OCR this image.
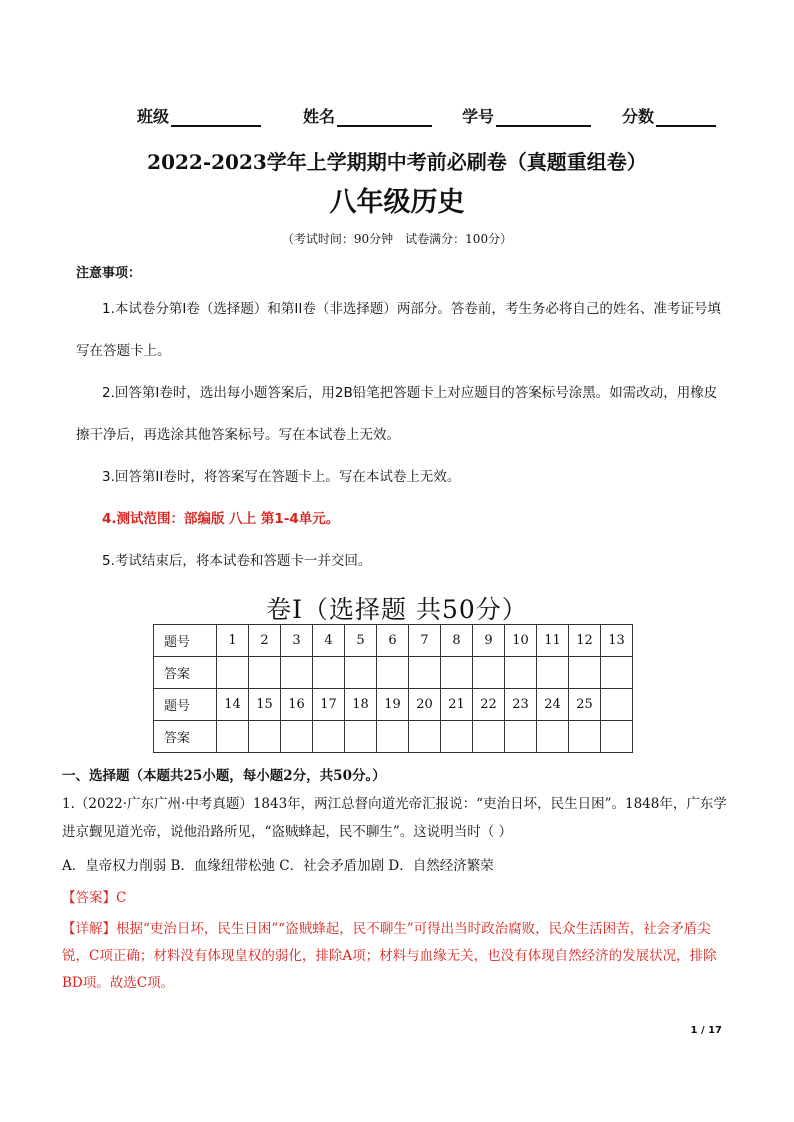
班级	姓名	学号	分数
2022-2023学年上学期期中考前必刷卷（真题重组卷）
八年级历史
（考试时间：90分钟　试卷满分：100分）
注意事项：
1.本试卷分第I卷（选择题）和第II卷（非选择题）两部分。答卷前，考生务必将自己的姓名、准考证号填写在答题卡上。
2.回答第I卷时，选出每小题答案后，用2B铅笔把答题卡上对应题目的答案标号涂黑。如需改动，用橡皮擦干净后，再选涂其他答案标号。写在本试卷上无效。
3.回答第II卷时，将答案写在答题卡上。写在本试卷上无效。
4.测试范围：部编版 八上 第1-4单元。
5.考试结束后，将本试卷和答题卡一并交回。
卷I（选择题 共50分）
题号	1	2	3	4	5	6	7	8	9	10	11	12	13
答案													
题号	14	15	16	17	18	19	20	21	22	23	24	25	
答案													
一、选择题（本题共25小题，每小题2分，共50分。）
1.（2022·广东广州·中考真题）1843年，两江总督向道光帝汇报说：“吏治日坏，民生日困”。1848年，广东学进京觐见道光帝，说他沿路所见，“盗贼蜂起，民不聊生”。这说明当时（ ）
A．皇帝权力削弱 B．血缘纽带松弛 C．社会矛盾加剧 D．自然经济繁荣
【答案】C
【详解】根据“吏治日坏，民生日困”“盗贼蜂起，民不聊生”可得出当时政治腐败，民众生活困苦，社会矛盾尖锐，C项正确；材料没有体现皇权的弱化，排除A项；材料与血缘无关，也没有体现自然经济的发展状况，排除BD项。故选C项。
1 / 17
